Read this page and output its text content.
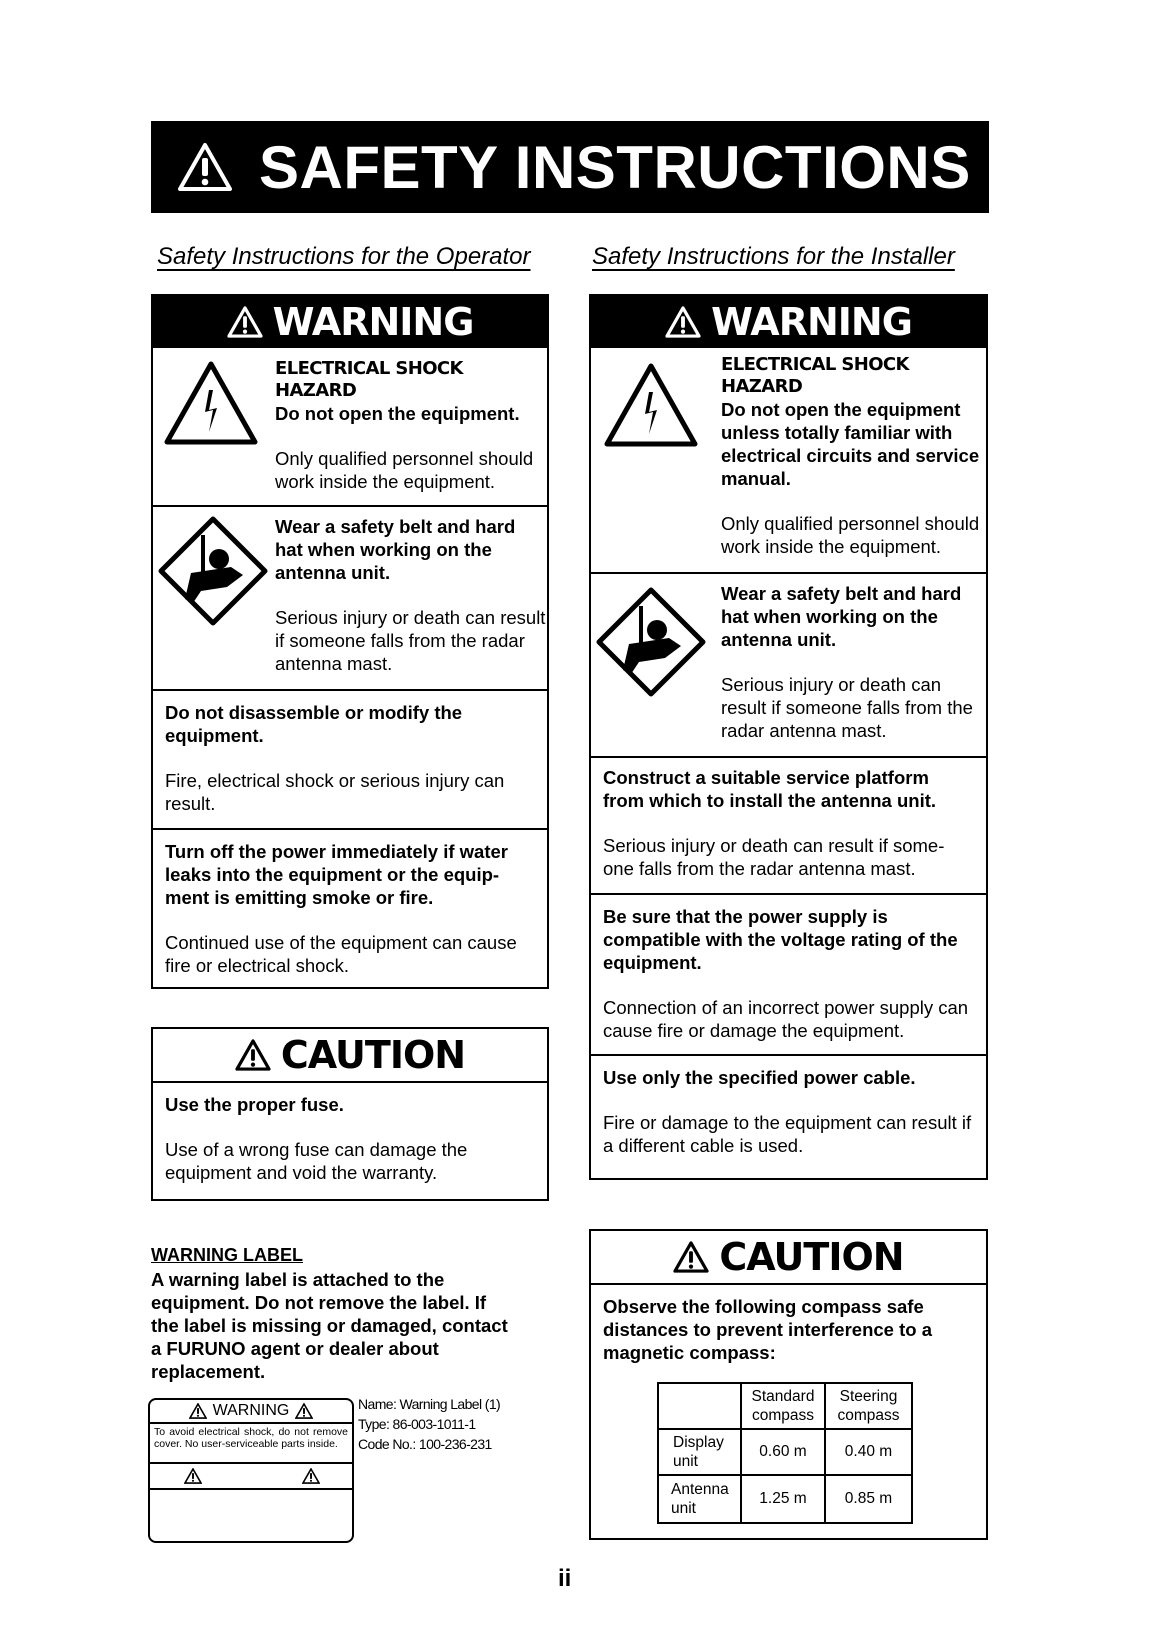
SAFETY INSTRUCTIONS
Safety Instructions for the Operator	Safety Instructions for the Installer
WARNING
ELECTRICAL SHOCK HAZARD
Do not open the equipment.
Only qualified personnel should work inside the equipment.
Wear a safety belt and hard hat when working on the antenna unit.
Serious injury or death can result if someone falls from the radar antenna mast.
Do not disassemble or modify the equipment.
Fire, electrical shock or serious injury can result.
Turn off the power immediately if water leaks into the equipment or the equip- ment is emitting smoke or fire.
Continued use of the equipment can cause fire or electrical shock.
CAUTION
Use the proper fuse.
Use of a wrong fuse can damage the equipment and void the warranty.
WARNING
ELECTRICAL SHOCK HAZARD
Do not open the equipment unless totally familiar with electrical circuits and service manual.
Only qualified personnel should work inside the equipment.
Wear a safety belt and hard hat when working on the antenna unit.
Serious injury or death can result if someone falls from the radar antenna mast.
Construct a suitable service platform from which to install the antenna unit.
Serious injury or death can result if some- one falls from the radar antenna mast.
Be sure that the power supply is compatible with the voltage rating of the equipment.
Connection of an incorrect power supply can cause fire or damage the equipment.
Use only the specified power cable.
Fire or damage to the equipment can result if a different cable is used.
CAUTION
Observe the following compass safe distances to prevent interference to a magnetic compass:
	Standard compass	Steering compass
Display unit	0.60 m	0.40 m
Antenna unit	1.25 m	0.85 m
WARNING LABEL
A warning label is attached to the equipment. Do not remove the label. If the label is missing or damaged, contact a FURUNO agent or dealer about replacement.
WARNING
To avoid electrical shock, do not remove cover. No user-serviceable parts inside.
Name: Warning Label (1)
Type: 86-003-1011-1
Code No.: 100-236-231
ii
